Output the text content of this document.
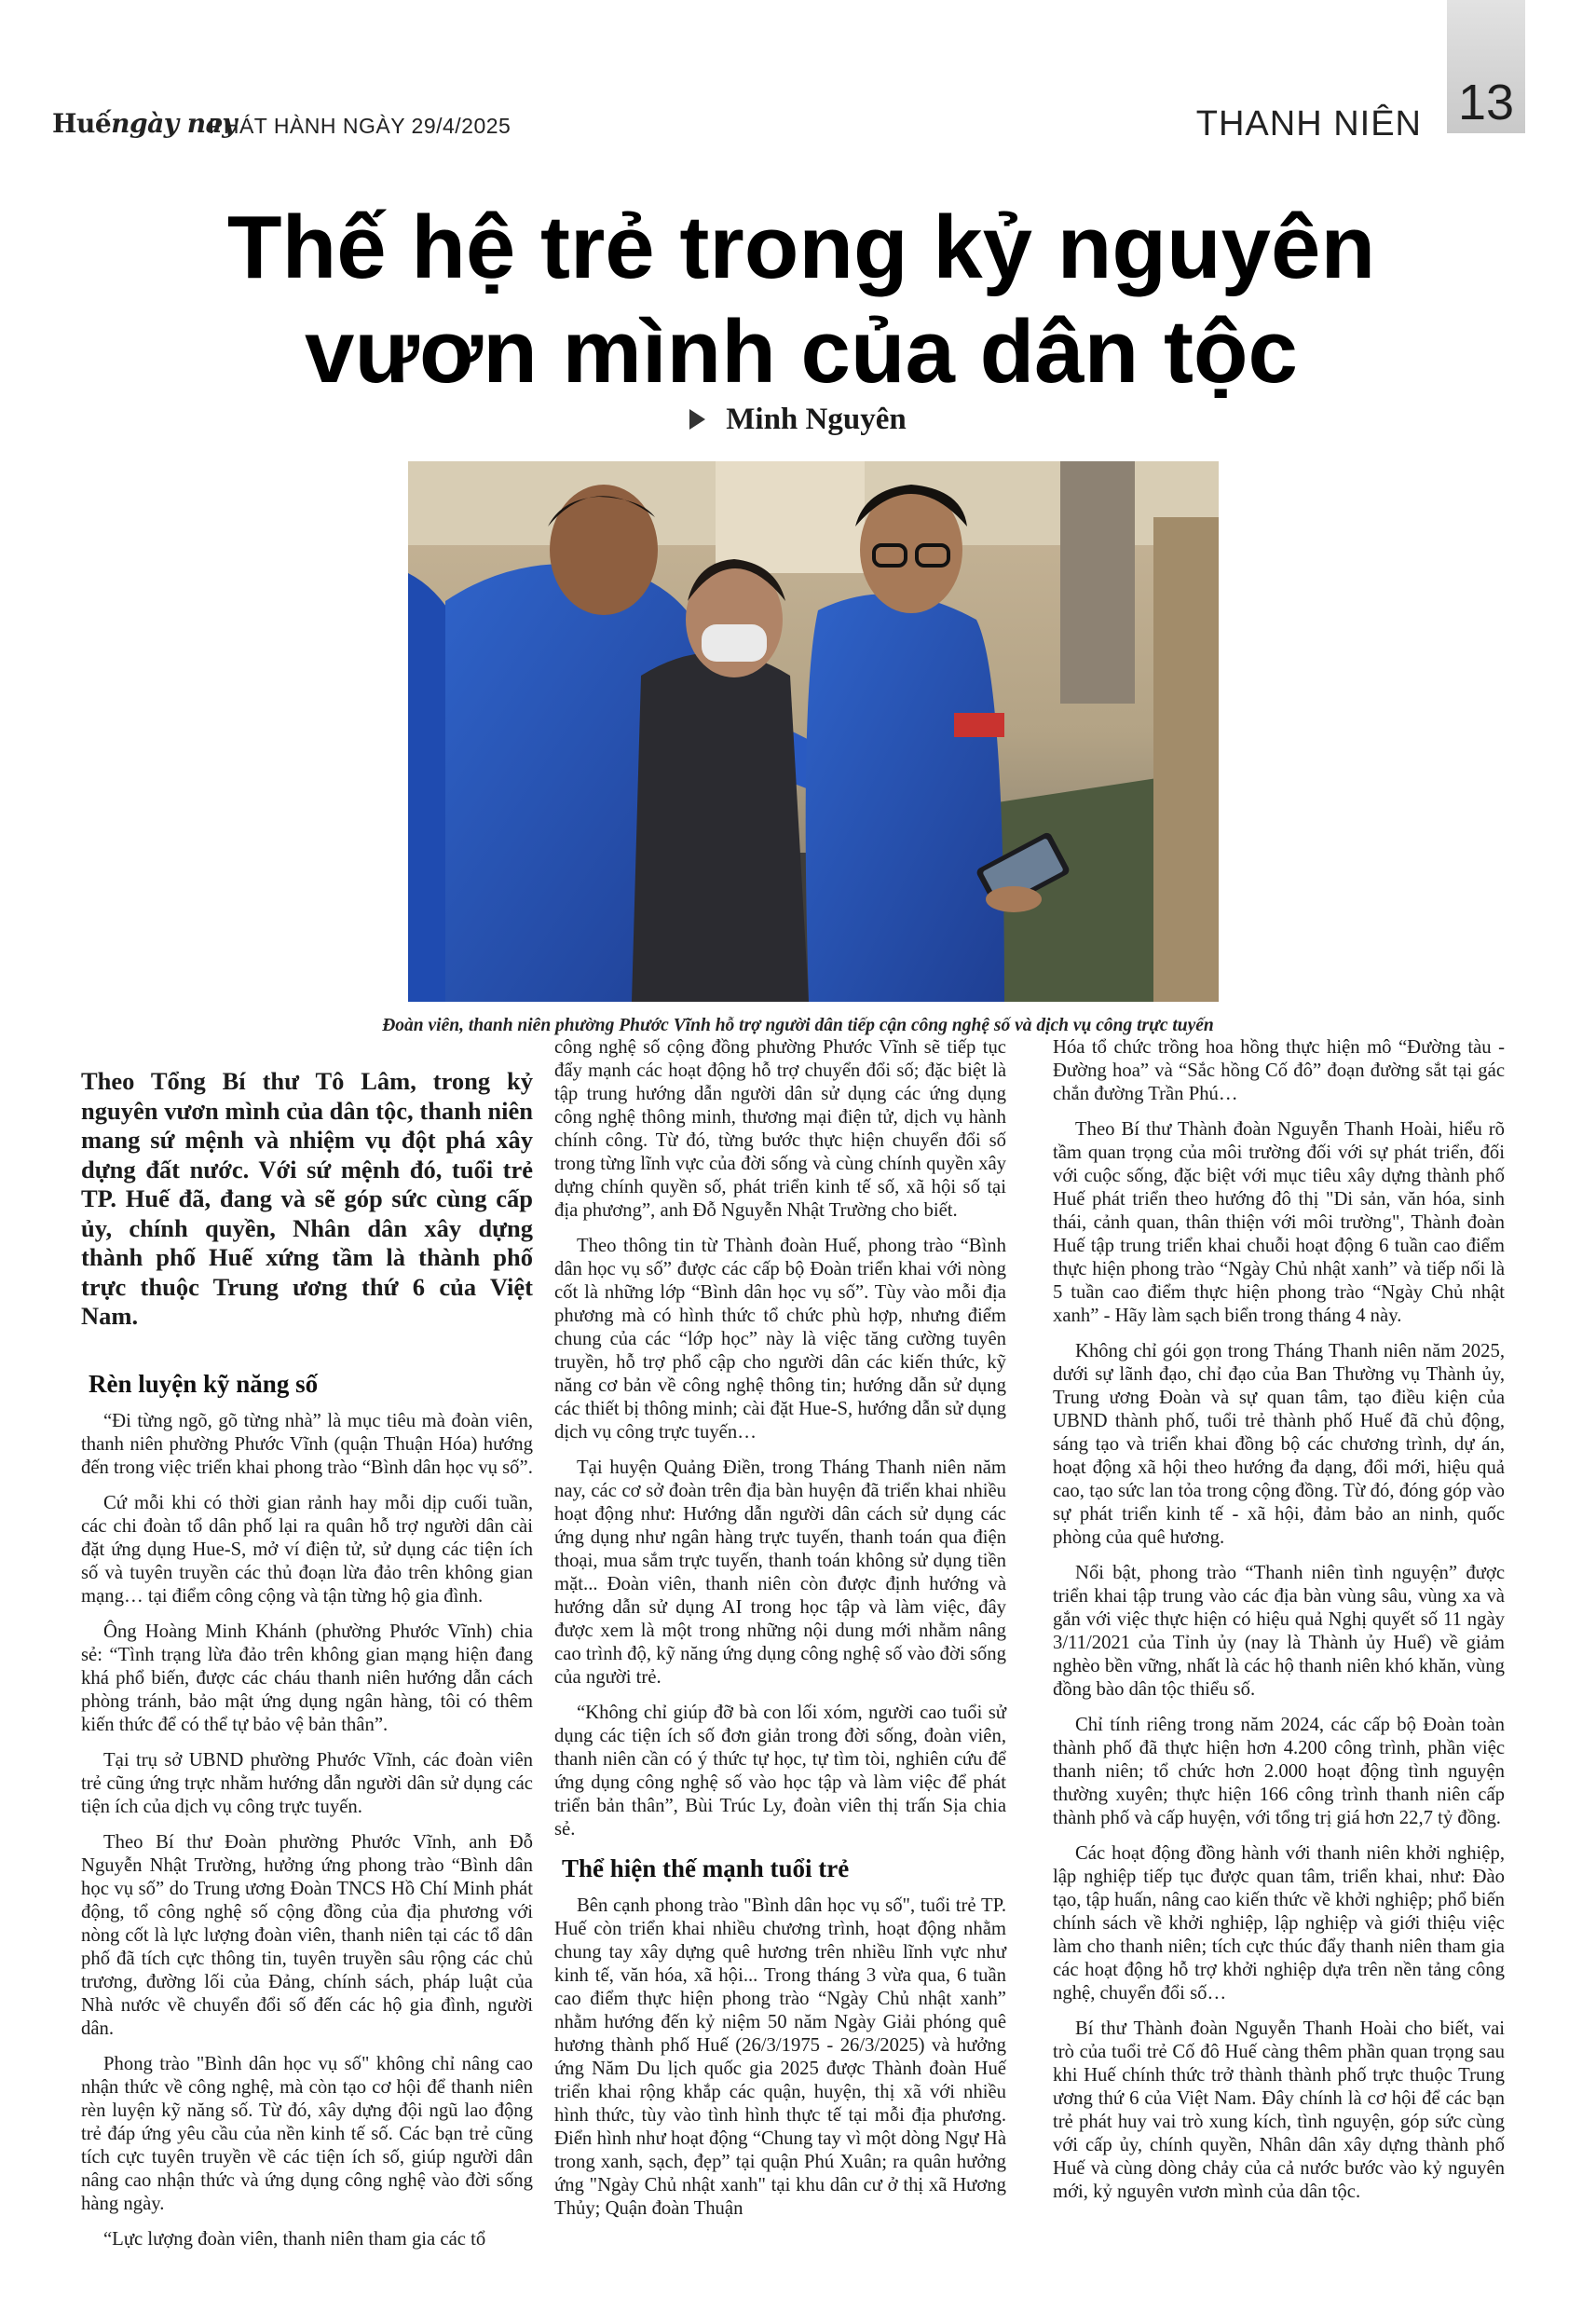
Huếngày nay
PHÁT HÀNH NGÀY 29/4/2025	THANH NIÊN 13
Thế hệ trẻ trong kỷ nguyên
vươn mình của dân tộc
Minh Nguyên
Đoàn viên, thanh niên phường Phước Vĩnh hỗ trợ người dân tiếp cận công nghệ số và dịch vụ công trực tuyến

Theo Tổng Bí thư Tô Lâm, trong kỷ nguyên vươn mình của dân tộc, thanh niên mang sứ mệnh và nhiệm vụ đột phá xây dựng đất nước. Với sứ mệnh đó, tuổi trẻ TP. Huế đã, đang và sẽ góp sức cùng cấp ủy, chính quyền, Nhân dân xây dựng thành phố Huế xứng tầm là thành phố trực thuộc Trung ương thứ 6 của Việt Nam.

Rèn luyện kỹ năng số

“Đi từng ngõ, gõ từng nhà” là mục tiêu mà đoàn viên, thanh niên phường Phước Vĩnh (quận Thuận Hóa) hướng đến trong việc triển khai phong trào “Bình dân học vụ số”.

Cứ mỗi khi có thời gian rảnh hay mỗi dịp cuối tuần, các chi đoàn tổ dân phố lại ra quân hỗ trợ người dân cài đặt ứng dụng Hue-S, mở ví điện tử, sử dụng các tiện ích số và tuyên truyền các thủ đoạn lừa đảo trên không gian mạng… tại điểm công cộng và tận từng hộ gia đình.

Ông Hoàng Minh Khánh (phường Phước Vĩnh) chia sẻ: “Tình trạng lừa đảo trên không gian mạng hiện đang khá phổ biến, được các cháu thanh niên hướng dẫn cách phòng tránh, bảo mật ứng dụng ngân hàng, tôi có thêm kiến thức để có thể tự bảo vệ bản thân”.

Tại trụ sở UBND phường Phước Vĩnh, các đoàn viên trẻ cũng ứng trực nhằm hướng dẫn người dân sử dụng các tiện ích của dịch vụ công trực tuyến.

Theo Bí thư Đoàn phường Phước Vĩnh, anh Đỗ Nguyễn Nhật Trường, hưởng ứng phong trào “Bình dân học vụ số” do Trung ương Đoàn TNCS Hồ Chí Minh phát động, tổ công nghệ số cộng đồng của địa phương với nòng cốt là lực lượng đoàn viên, thanh niên tại các tổ dân phố đã tích cực thông tin, tuyên truyền sâu rộng các chủ trương, đường lối của Đảng, chính sách, pháp luật của Nhà nước về chuyển đổi số đến các hộ gia đình, người dân.

Phong trào "Bình dân học vụ số" không chỉ nâng cao nhận thức về công nghệ, mà còn tạo cơ hội để thanh niên rèn luyện kỹ năng số. Từ đó, xây dựng đội ngũ lao động trẻ đáp ứng yêu cầu của nền kinh tế số. Các bạn trẻ cũng tích cực tuyên truyền về các tiện ích số, giúp người dân nâng cao nhận thức và ứng dụng công nghệ vào đời sống hàng ngày.

“Lực lượng đoàn viên, thanh niên tham gia các tổ

công nghệ số cộng đồng phường Phước Vĩnh sẽ tiếp tục đẩy mạnh các hoạt động hỗ trợ chuyển đổi số; đặc biệt là tập trung hướng dẫn người dân sử dụng các ứng dụng công nghệ thông minh, thương mại điện tử, dịch vụ hành chính công. Từ đó, từng bước thực hiện chuyển đổi số trong từng lĩnh vực của đời sống và cùng chính quyền xây dựng chính quyền số, phát triển kinh tế số, xã hội số tại địa phương”, anh Đỗ Nguyễn Nhật Trường cho biết.

Theo thông tin từ Thành đoàn Huế, phong trào “Bình dân học vụ số” được các cấp bộ Đoàn triển khai với nòng cốt là những lớp “Bình dân học vụ số”. Tùy vào mỗi địa phương mà có hình thức tổ chức phù hợp, nhưng điểm chung của các “lớp học” này là việc tăng cường tuyên truyền, hỗ trợ phổ cập cho người dân các kiến thức, kỹ năng cơ bản về công nghệ thông tin; hướng dẫn sử dụng các thiết bị thông minh; cài đặt Hue-S, hướng dẫn sử dụng dịch vụ công trực tuyến…

Tại huyện Quảng Điền, trong Tháng Thanh niên năm nay, các cơ sở đoàn trên địa bàn huyện đã triển khai nhiều hoạt động như: Hướng dẫn người dân cách sử dụng các ứng dụng như ngân hàng trực tuyến, thanh toán qua điện thoại, mua sắm trực tuyến, thanh toán không sử dụng tiền mặt... Đoàn viên, thanh niên còn được định hướng và hướng dẫn sử dụng AI trong học tập và làm việc, đây được xem là một trong những nội dung mới nhằm nâng cao trình độ, kỹ năng ứng dụng công nghệ số vào đời sống của người trẻ.

“Không chỉ giúp đỡ bà con lối xóm, người cao tuổi sử dụng các tiện ích số đơn giản trong đời sống, đoàn viên, thanh niên cần có ý thức tự học, tự tìm tòi, nghiên cứu để ứng dụng công nghệ số vào học tập và làm việc để phát triển bản thân”, Bùi Trúc Ly, đoàn viên thị trấn Sịa chia sẻ.

Thể hiện thế mạnh tuổi trẻ

Bên cạnh phong trào "Bình dân học vụ số", tuổi trẻ TP. Huế còn triển khai nhiều chương trình, hoạt động nhằm chung tay xây dựng quê hương trên nhiều lĩnh vực như kinh tế, văn hóa, xã hội... Trong tháng 3 vừa qua, 6 tuần cao điểm thực hiện phong trào “Ngày Chủ nhật xanh” nhằm hướng đến kỷ niệm 50 năm Ngày Giải phóng quê hương thành phố Huế (26/3/1975 - 26/3/2025) và hưởng ứng Năm Du lịch quốc gia 2025 được Thành đoàn Huế triển khai rộng khắp các quận, huyện, thị xã với nhiều hình thức, tùy vào tình hình thực tế tại mỗi địa phương. Điển hình như hoạt động “Chung tay vì một dòng Ngự Hà trong xanh, sạch, đẹp” tại quận Phú Xuân; ra quân hưởng ứng "Ngày Chủ nhật xanh" tại khu dân cư ở thị xã Hương Thủy; Quận đoàn Thuận

Hóa tổ chức trồng hoa hồng thực hiện mô “Đường tàu - Đường hoa” và “Sắc hồng Cố đô” đoạn đường sắt tại gác chắn đường Trần Phú…

Theo Bí thư Thành đoàn Nguyễn Thanh Hoài, hiểu rõ tầm quan trọng của môi trường đối với sự phát triển, đối với cuộc sống, đặc biệt với mục tiêu xây dựng thành phố Huế phát triển theo hướng đô thị "Di sản, văn hóa, sinh thái, cảnh quan, thân thiện với môi trường", Thành đoàn Huế tập trung triển khai chuỗi hoạt động 6 tuần cao điểm thực hiện phong trào “Ngày Chủ nhật xanh” và tiếp nối là 5 tuần cao điểm thực hiện phong trào “Ngày Chủ nhật xanh” - Hãy làm sạch biển trong tháng 4 này.

Không chỉ gói gọn trong Tháng Thanh niên năm 2025, dưới sự lãnh đạo, chỉ đạo của Ban Thường vụ Thành ủy, Trung ương Đoàn và sự quan tâm, tạo điều kiện của UBND thành phố, tuổi trẻ thành phố Huế đã chủ động, sáng tạo và triển khai đồng bộ các chương trình, dự án, hoạt động xã hội theo hướng đa dạng, đổi mới, hiệu quả cao, tạo sức lan tỏa trong cộng đồng. Từ đó, đóng góp vào sự phát triển kinh tế - xã hội, đảm bảo an ninh, quốc phòng của quê hương.

Nổi bật, phong trào “Thanh niên tình nguyện” được triển khai tập trung vào các địa bàn vùng sâu, vùng xa và gắn với việc thực hiện có hiệu quả Nghị quyết số 11 ngày 3/11/2021 của Tỉnh ủy (nay là Thành ủy Huế) về giảm nghèo bền vững, nhất là các hộ thanh niên khó khăn, vùng đồng bào dân tộc thiểu số.

Chỉ tính riêng trong năm 2024, các cấp bộ Đoàn toàn thành phố đã thực hiện hơn 4.200 công trình, phần việc thanh niên; tổ chức hơn 2.000 hoạt động tình nguyện thường xuyên; thực hiện 166 công trình thanh niên cấp thành phố và cấp huyện, với tổng trị giá hơn 22,7 tỷ đồng.

Các hoạt động đồng hành với thanh niên khởi nghiệp, lập nghiệp tiếp tục được quan tâm, triển khai, như: Đào tạo, tập huấn, nâng cao kiến thức về khởi nghiệp; phổ biến chính sách về khởi nghiệp, lập nghiệp và giới thiệu việc làm cho thanh niên; tích cực thúc đẩy thanh niên tham gia các hoạt động hỗ trợ khởi nghiệp dựa trên nền tảng công nghệ, chuyển đổi số…

Bí thư Thành đoàn Nguyễn Thanh Hoài cho biết, vai trò của tuổi trẻ Cố đô Huế càng thêm phần quan trọng sau khi Huế chính thức trở thành thành phố trực thuộc Trung ương thứ 6 của Việt Nam. Đây chính là cơ hội để các bạn trẻ phát huy vai trò xung kích, tình nguyện, góp sức cùng với cấp ủy, chính quyền, Nhân dân xây dựng thành phố Huế và cùng dòng chảy của cả nước bước vào kỷ nguyên mới, kỷ nguyên vươn mình của dân tộc.
